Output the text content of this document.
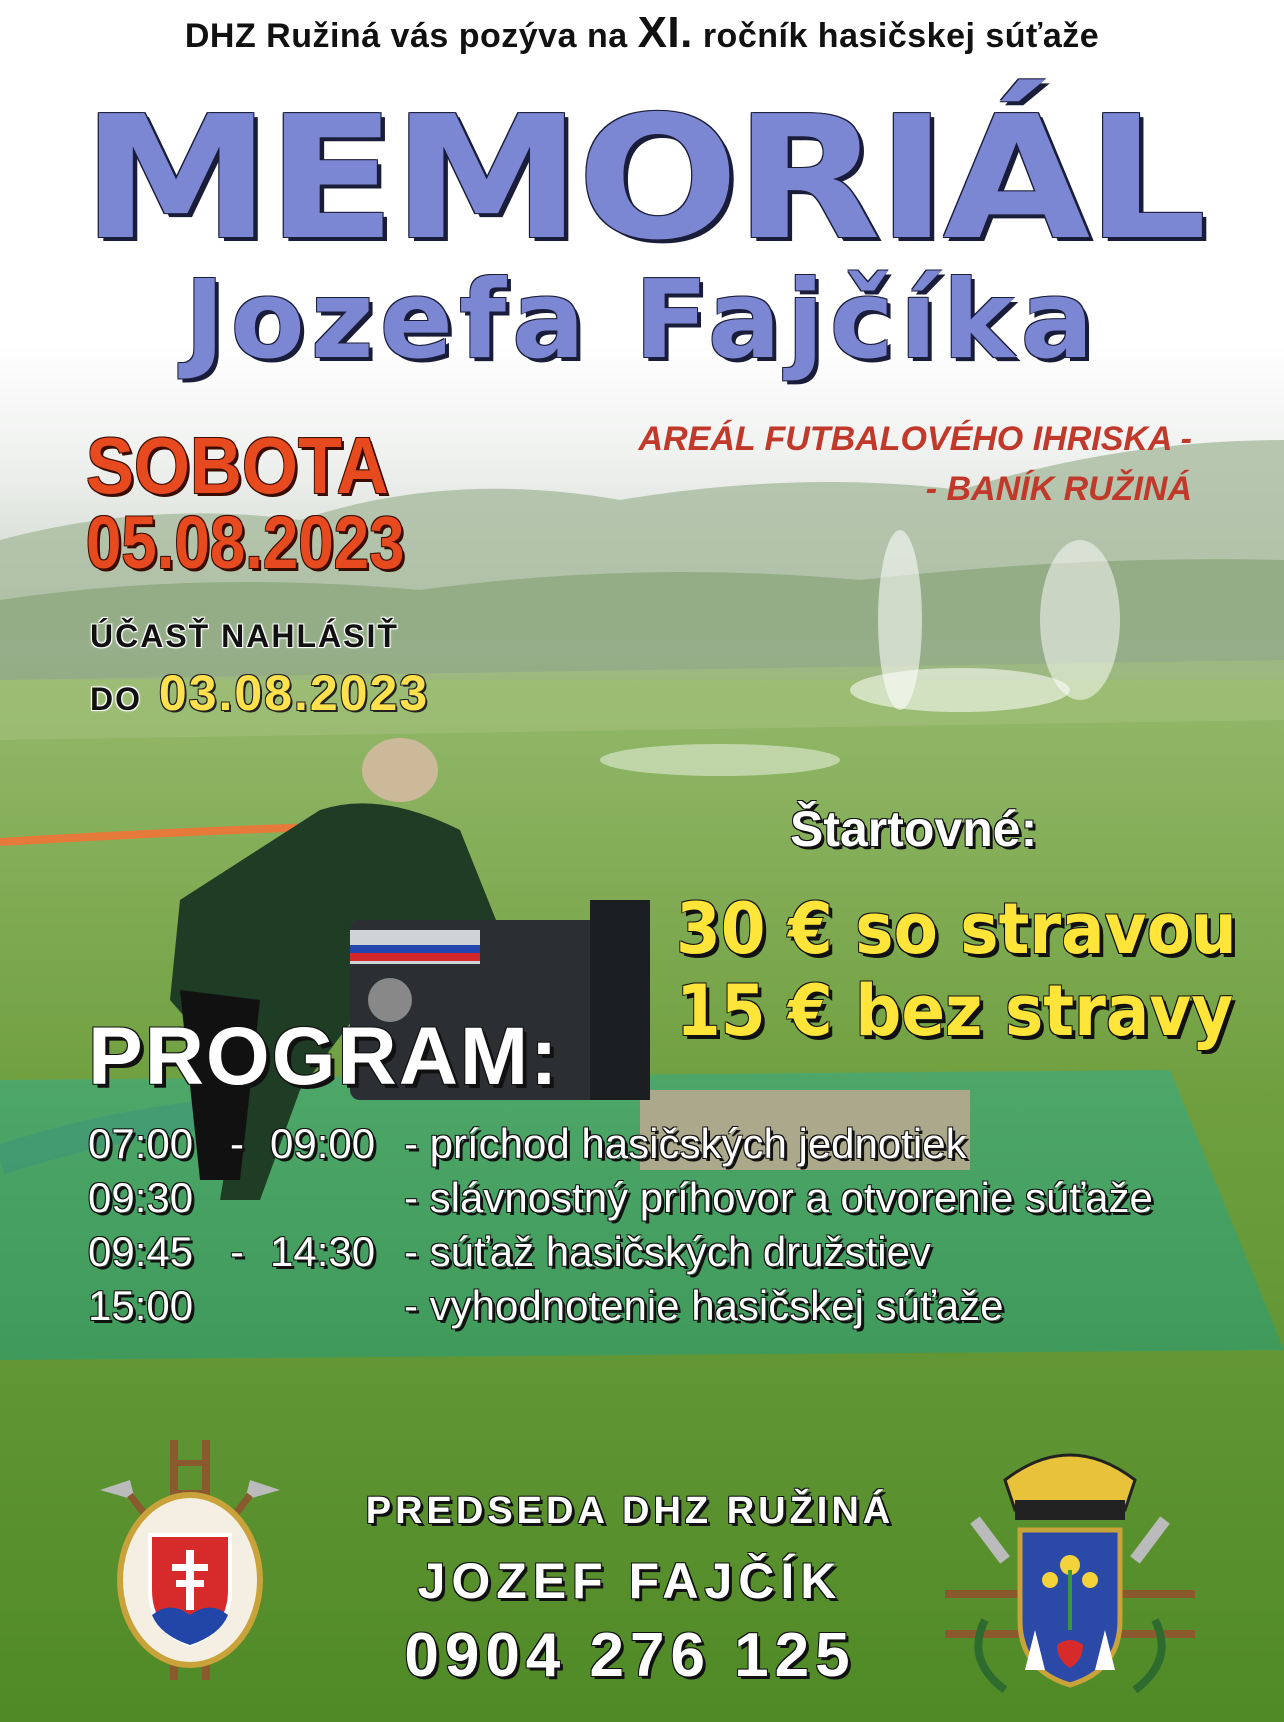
DHZ Ružiná vás pozýva na XI. ročník hasičskej súťaže
MEMORIÁL
Jozefa Fajčíka
SOBOTA
05.08.2023
AREÁL FUTBALOVÉHO IHRISKA -
- BANÍK RUŽINÁ
ÚČASŤ NAHLÁSIŤ
DO 03.08.2023
Štartovné:
30 € so stravou
15 € bez stravy
PROGRAM:
07:00 - 09:00 - príchod hasičských jednotiek
09:30	- slávnostný príhovor a otvorenie súťaže
09:45 - 14:30 - súťaž hasičských družstiev
15:00	- vyhodnotenie hasičskej súťaže
PREDSEDA DHZ RUŽINÁ
JOZEF FAJČÍK
0904 276 125
